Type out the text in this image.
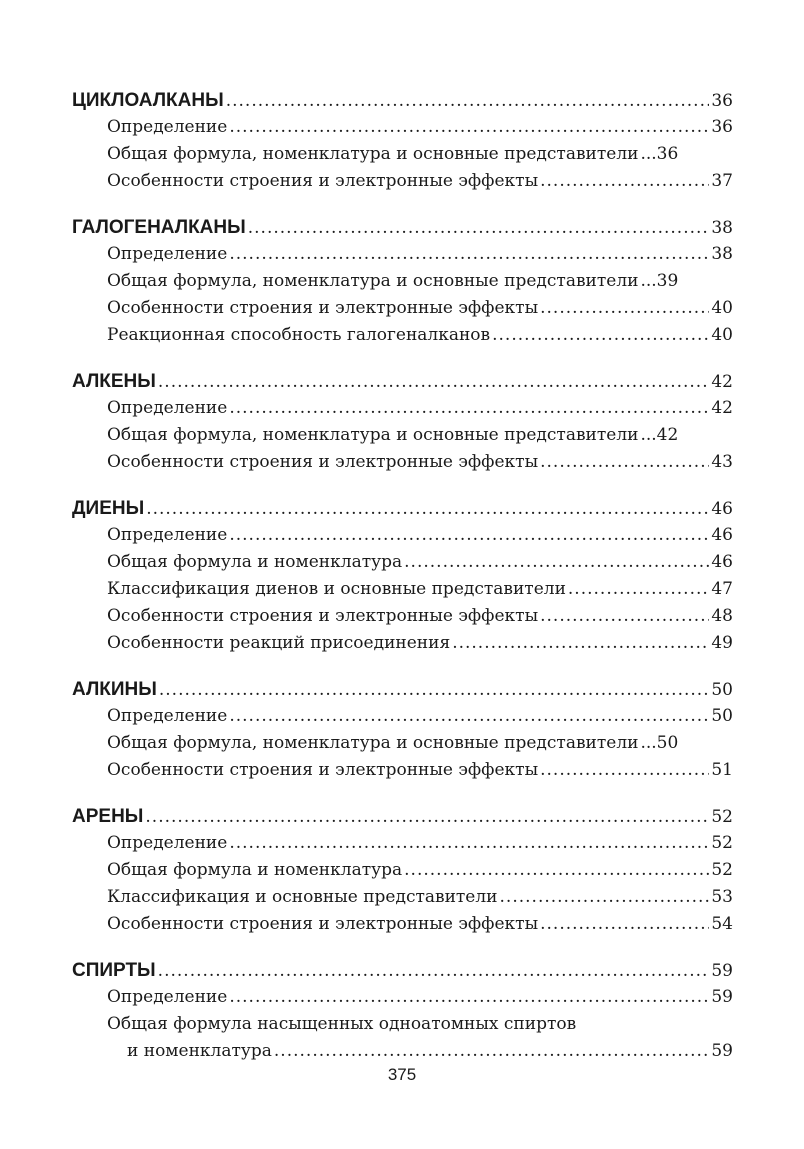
ЦИКЛОАЛКАНЫ .....	36
Определение .....	36
Общая формула, номенклатура и основные представители ...36
Особенности строения и электронные эффекты .....	37
ГАЛОГЕНАЛКАНЫ .....	38
Определение .....	38
Общая формула, номенклатура и основные представители ...39
Особенности строения и электронные эффекты .....	40
Реакционная способность галогеналканов .....	40
АЛКЕНЫ .....	42
Определение .....	42
Общая формула, номенклатура и основные представители ...42
Особенности строения и электронные эффекты .....	43
ДИЕНЫ .....	46
Определение .....	46
Общая формула и номенклатура .....	46
Классификация диенов и основные представители .....	47
Особенности строения и электронные эффекты .....	48
Особенности реакций присоединения .....	49
АЛКИНЫ .....	50
Определение .....	50
Общая формула, номенклатура и основные представители ...50
Особенности строения и электронные эффекты .....	51
АРЕНЫ .....	52
Определение .....	52
Общая формула и номенклатура .....	52
Классификация и основные представители .....	53
Особенности строения и электронные эффекты .....	54
СПИРТЫ .....	59
Определение .....	59
Общая формула насыщенных одноатомных спиртов
и номенклатура .....	59
375
